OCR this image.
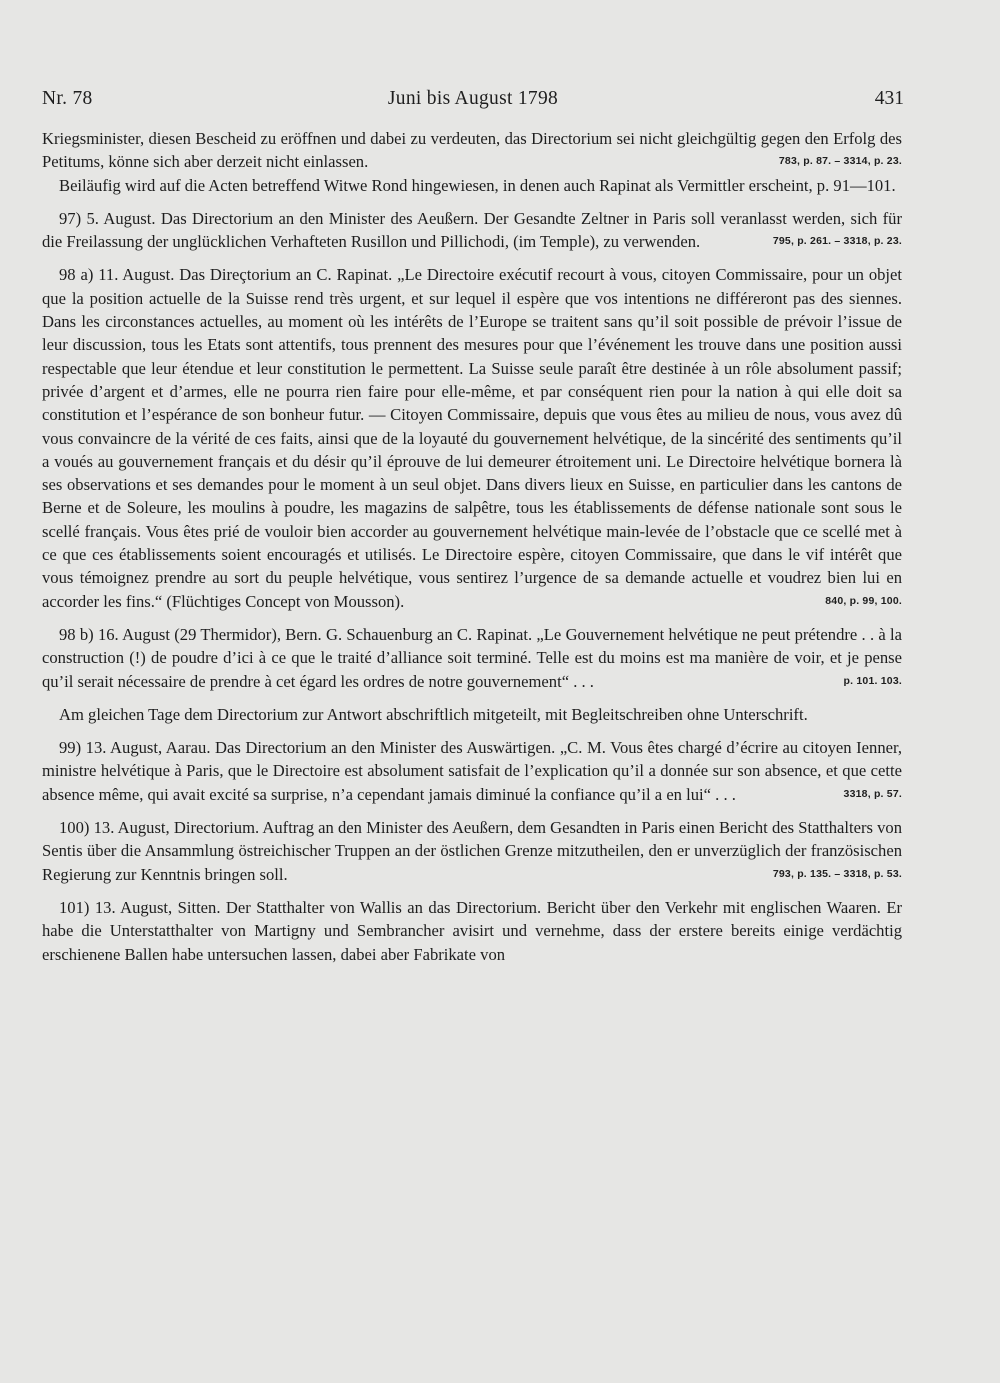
Nr. 78	Juni bis August 1798	431

Kriegsminister, diesen Bescheid zu eröffnen und dabei zu verdeuten, das Directorium sei nicht gleichgültig gegen den Erfolg des Petitums, könne sich aber derzeit nicht einlassen.	783, p. 87. – 3314, p. 23.

Beiläufig wird auf die Acten betreffend Witwe Rond hingewiesen, in denen auch Rapinat als Vermittler erscheint, p. 91—101.

97) 5. August. Das Directorium an den Minister des Aeußern. Der Gesandte Zeltner in Paris soll veranlasst werden, sich für die Freilassung der unglücklichen Verhafteten Rusillon und Pillichodi, (im Temple), zu verwenden.	795, p. 261. – 3318, p. 23.

98 a) 11. August. Das Direçtorium an C. Rapinat. „Le Directoire exécutif recourt à vous, citoyen Commissaire, pour un objet que la position actuelle de la Suisse rend très urgent, et sur lequel il espère que vos intentions ne différeront pas des siennes. Dans les circonstances actuelles, au moment où les intérêts de l’Europe se traitent sans qu’il soit possible de prévoir l’issue de leur discussion, tous les Etats sont attentifs, tous prennent des mesures pour que l’événement les trouve dans une position aussi respectable que leur étendue et leur constitution le permettent. La Suisse seule paraît être destinée à un rôle absolument passif; privée d’argent et d’armes, elle ne pourra rien faire pour elle-même, et par conséquent rien pour la nation à qui elle doit sa constitution et l’espérance de son bonheur futur. — Citoyen Commissaire, depuis que vous êtes au milieu de nous, vous avez dû vous convaincre de la vérité de ces faits, ainsi que de la loyauté du gouvernement helvétique, de la sincérité des sentiments qu’il a voués au gouvernement français et du désir qu’il éprouve de lui demeurer étroitement uni. Le Directoire helvétique bornera là ses observations et ses demandes pour le moment à un seul objet. Dans divers lieux en Suisse, en particulier dans les cantons de Berne et de Soleure, les moulins à poudre, les magazins de salpêtre, tous les établissements de défense nationale sont sous le scellé français. Vous êtes prié de vouloir bien accorder au gouvernement helvétique main-levée de l’obstacle que ce scellé met à ce que ces établissements soient encouragés et utilisés. Le Directoire espère, citoyen Commissaire, que dans le vif intérêt que vous témoignez prendre au sort du peuple helvétique, vous sentirez l’urgence de sa demande actuelle et voudrez bien lui en accorder les fins.“ (Flüchtiges Concept von Mousson).	840, p. 99, 100.

98 b) 16. August (29 Thermidor), Bern. G. Schauenburg an C. Rapinat. „Le Gouvernement helvétique ne peut prétendre . . à la construction (!) de poudre d’ici à ce que le traité d’alliance soit terminé. Telle est du moins est ma manière de voir, et je pense qu’il serait nécessaire de prendre à cet égard les ordres de notre gouvernement“ . . .	p. 101. 103.

Am gleichen Tage dem Directorium zur Antwort abschriftlich mitgeteilt, mit Begleitschreiben ohne Unterschrift.

99) 13. August, Aarau. Das Directorium an den Minister des Auswärtigen. „C. M. Vous êtes chargé d’écrire au citoyen Ienner, ministre helvétique à Paris, que le Directoire est absolument satisfait de l’explication qu’il a donnée sur son absence, et que cette absence même, qui avait excité sa surprise, n’a cependant jamais diminué la confiance qu’il a en lui“ . . .	3318, p. 57.

100) 13. August, Directorium. Auftrag an den Minister des Aeußern, dem Gesandten in Paris einen Bericht des Statthalters von Sentis über die Ansammlung östreichischer Truppen an der östlichen Grenze mitzutheilen, den er unverzüglich der französischen Regierung zur Kenntnis bringen soll.	793, p. 135. – 3318, p. 53.

101) 13. August, Sitten. Der Statthalter von Wallis an das Directorium. Bericht über den Verkehr mit englischen Waaren. Er habe die Unterstatthalter von Martigny und Sembrancher avisirt und vernehme, dass der erstere bereits einige verdächtig erschienene Ballen habe untersuchen lassen, dabei aber Fabrikate von
